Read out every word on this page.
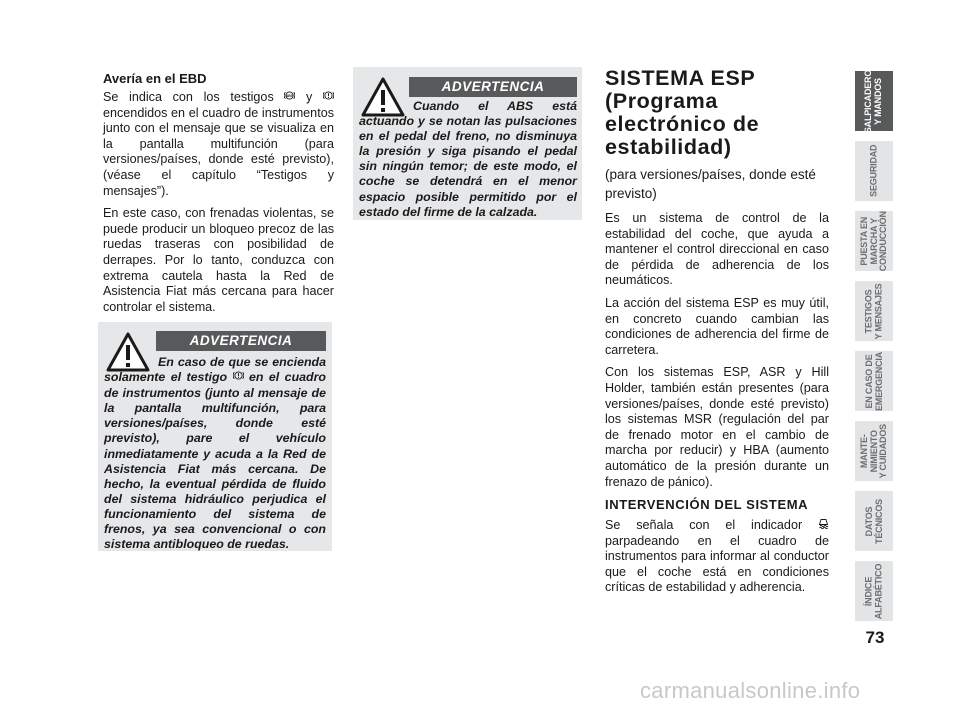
Avería en el EBD

Se indica con los testigos ABS y  encendidos en el cuadro de instrumentos junto con el mensaje que se visualiza en la pantalla multifunción (para versiones/países, donde esté previsto), (véase el capítulo “Testigos y mensajes”).

En este caso, con frenadas violentas, se puede producir un bloqueo precoz de las ruedas traseras con posibilidad de derrapes. Por lo tanto, conduzca con extrema cautela hasta la Red de Asistencia Fiat más cercana para hacer controlar el sistema.

ADVERTENCIA
En caso de que se encienda solamente el testigo  en el cuadro de instrumentos (junto al mensaje de la pantalla multifunción, para versiones/países, donde esté previsto), pare el vehículo inmediatamente y acuda a la Red de Asistencia Fiat más cercana. De hecho, la eventual pérdida de fluido del sistema hidráulico perjudica el funcionamiento del sistema de frenos, ya sea convencional o con sistema antibloqueo de ruedas.
ADVERTENCIA
Cuando el ABS está actuando y se notan las pulsaciones en el pedal del freno, no disminuya la presión y siga pisando el pedal sin ningún temor; de este modo, el coche se detendrá en el menor espacio posible permitido por el estado del firme de la calzada.

SISTEMA ESP (Programa electrónico de estabilidad)

(para versiones/países, donde esté previsto)

Es un sistema de control de la estabilidad del coche, que ayuda a mantener el control direccional en caso de pérdida de adherencia de los neumáticos.

La acción del sistema ESP es muy útil, en concreto cuando cambian las condiciones de adherencia del firme de carretera.

Con los sistemas ESP, ASR y Hill Holder, también están presentes (para versiones/países, donde esté previsto) los sistemas MSR (regulación del par de frenado motor en el cambio de marcha por reducir) y HBA (aumento automático de la presión durante un frenazo de pánico).

INTERVENCIÓN DEL SISTEMA

Se señala con el indicador  parpadeando en el cuadro de instrumentos para informar al conductor que el coche está en condiciones críticas de estabilidad y adherencia.

SALPICADERO
Y MANDOS
SEGURIDAD
PUESTA EN
MARCHA Y
CONDUCCIÓN
TESTIGOS
Y MENSAJES
EN CASO DE
EMERGENCIA
MANTE-
NIMIENTO
Y CUIDADOS
DATOS
TÉCNICOS
ÍNDICE
ALFABÉTICO
73
carmanualsonline.info
